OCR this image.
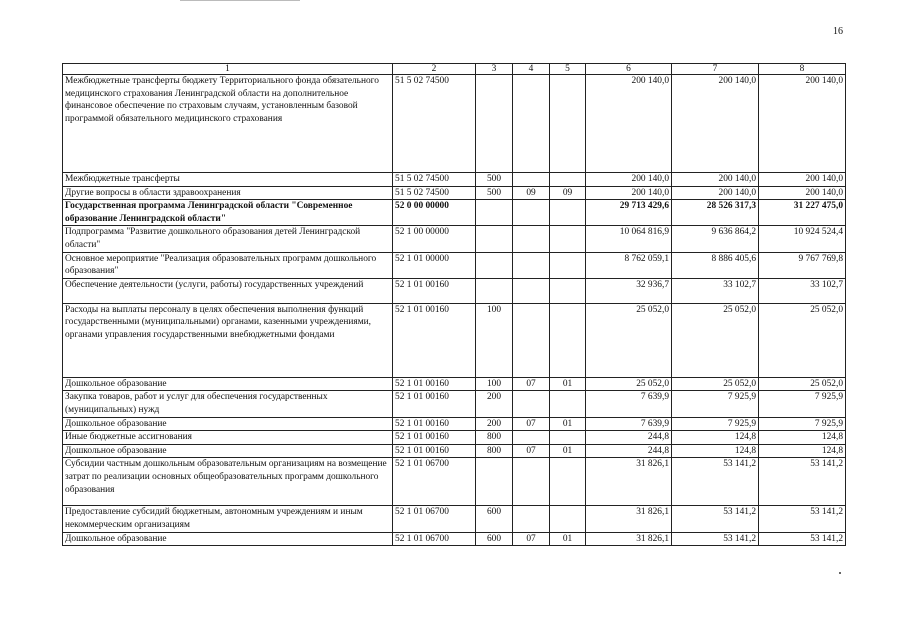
16
1	2	3	4	5	6	7	8
Межбюджетные трансферты бюджету Территориального фонда обязательного медицинского страхования Ленинградской области на дополнительное финансовое обеспечение по страховым случаям, установленным базовой программой обязательного медицинского страхования	51 5 02 74500				200 140,0	200 140,0	200 140,0
Межбюджетные трансферты	51 5 02 74500	500			200 140,0	200 140,0	200 140,0
Другие вопросы в области здравоохранения	51 5 02 74500	500	09	09	200 140,0	200 140,0	200 140,0
Государственная программа Ленинградской области "Современное образование Ленинградской области"	52 0 00 00000				29 713 429,6	28 526 317,3	31 227 475,0
Подпрограмма "Развитие дошкольного образования детей Ленинградской области"	52 1 00 00000				10 064 816,9	9 636 864,2	10 924 524,4
Основное мероприятие "Реализация образовательных программ дошкольного образования"	52 1 01 00000				8 762 059,1	8 886 405,6	9 767 769,8
Обеспечение деятельности (услуги, работы) государственных учреждений	52 1 01 00160				32 936,7	33 102,7	33 102,7
Расходы на выплаты персоналу в целях обеспечения выполнения функций государственными (муниципальными) органами, казенными учреждениями, органами управления государственными внебюджетными фондами	52 1 01 00160	100			25 052,0	25 052,0	25 052,0
Дошкольное образование	52 1 01 00160	100	07	01	25 052,0	25 052,0	25 052,0
Закупка товаров, работ и услуг для обеспечения государственных (муниципальных) нужд	52 1 01 00160	200			7 639,9	7 925,9	7 925,9
Дошкольное образование	52 1 01 00160	200	07	01	7 639,9	7 925,9	7 925,9
Иные бюджетные ассигнования	52 1 01 00160	800			244,8	124,8	124,8
Дошкольное образование	52 1 01 00160	800	07	01	244,8	124,8	124,8
Субсидии частным дошкольным образовательным организациям на возмещение затрат по реализации основных общеобразовательных программ дошкольного образования	52 1 01 06700				31 826,1	53 141,2	53 141,2
Предоставление субсидий бюджетным, автономным учреждениям и иным некоммерческим организациям	52 1 01 06700	600			31 826,1	53 141,2	53 141,2
Дошкольное образование	52 1 01 06700	600	07	01	31 826,1	53 141,2	53 141,2
